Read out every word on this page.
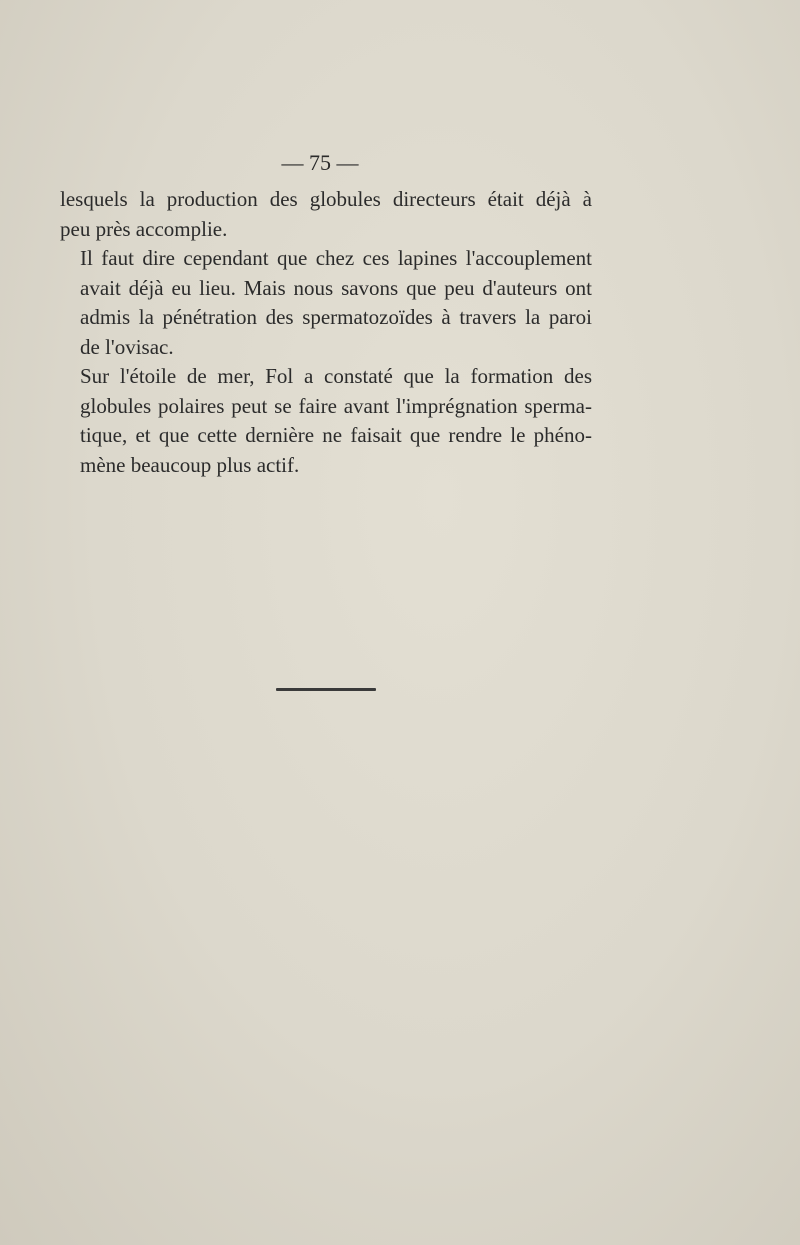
— 75 —

lesquels la production des globules directeurs était déjà à
peu près accomplie.

Il faut dire cependant que chez ces lapines l'accouplement
avait déjà eu lieu. Mais nous savons que peu d'auteurs ont
admis la pénétration des spermatozoïdes à travers la paroi
de l'ovisac.

Sur l'étoile de mer, Fol a constaté que la formation des
globules polaires peut se faire avant l'imprégnation sperma-
tique, et que cette dernière ne faisait que rendre le phéno-
mène beaucoup plus actif.
